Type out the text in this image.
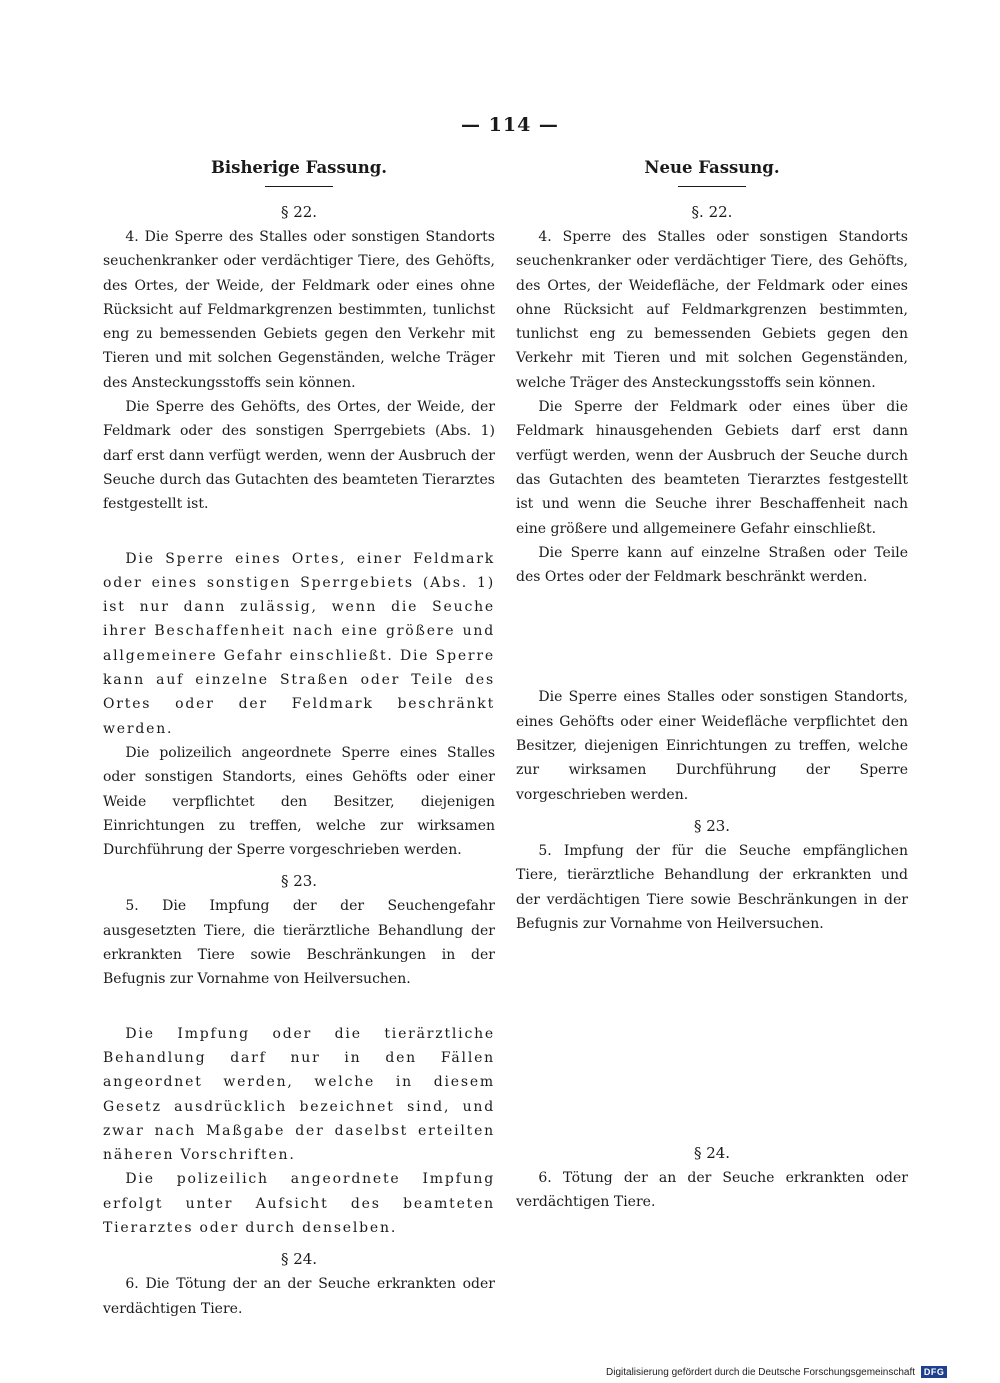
— 114 —
Bisherige Fassung.
§ 22.

4. Die Sperre des Stalles oder sonstigen Standorts seuchenkranker oder verdächtiger Tiere, des Gehöfts, des Ortes, der Weide, der Feldmark oder eines ohne Rücksicht auf Feldmarkgrenzen bestimmten, tunlichst eng zu bemessenden Gebiets gegen den Verkehr mit Tieren und mit solchen Gegenständen, welche Träger des Ansteckungsstoffs sein können.

Die Sperre des Gehöfts, des Ortes, der Weide, der Feldmark oder des sonstigen Sperrgebiets (Abs. 1) darf erst dann verfügt werden, wenn der Ausbruch der Seuche durch das Gutachten des beamteten Tierarztes festgestellt ist.

Die Sperre eines Ortes, einer Feldmark oder eines sonstigen Sperrgebiets (Abs. 1) ist nur dann zulässig, wenn die Seuche ihrer Beschaffenheit nach eine größere und allgemeinere Gefahr einschließt. Die Sperre kann auf einzelne Straßen oder Teile des Ortes oder der Feldmark beschränkt werden.

Die polizeilich angeordnete Sperre eines Stalles oder sonstigen Standorts, eines Gehöfts oder einer Weide verpflichtet den Besitzer, diejenigen Einrichtungen zu treffen, welche zur wirksamen Durchführung der Sperre vorgeschrieben werden.

§ 23.

5. Die Impfung der der Seuchengefahr ausgesetzten Tiere, die tierärztliche Behandlung der erkrankten Tiere sowie Beschränkungen in der Befugnis zur Vornahme von Heilversuchen.

Die Impfung oder die tierärztliche Behandlung darf nur in den Fällen angeordnet werden, welche in diesem Gesetz ausdrücklich bezeichnet sind, und zwar nach Maßgabe der daselbst erteilten näheren Vorschriften.

Die polizeilich angeordnete Impfung erfolgt unter Aufsicht des beamteten Tierarztes oder durch denselben.

§ 24.

6. Die Tötung der an der Seuche erkrankten oder verdächtigen Tiere.

Neue Fassung.
§. 22.

4. Sperre des Stalles oder sonstigen Standorts seuchenkranker oder verdächtiger Tiere, des Gehöfts, des Ortes, der Weidefläche, der Feldmark oder eines ohne Rücksicht auf Feldmarkgrenzen bestimmten, tunlichst eng zu bemessenden Gebiets gegen den Verkehr mit Tieren und mit solchen Gegenständen, welche Träger des Ansteckungsstoffs sein können.

Die Sperre der Feldmark oder eines über die Feldmark hinausgehenden Gebiets darf erst dann verfügt werden, wenn der Ausbruch der Seuche durch das Gutachten des beamteten Tierarztes festgestellt ist und wenn die Seuche ihrer Beschaffenheit nach eine größere und allgemeinere Gefahr einschließt.

Die Sperre kann auf einzelne Straßen oder Teile des Ortes oder der Feldmark beschränkt werden.

Die Sperre eines Stalles oder sonstigen Standorts, eines Gehöfts oder einer Weidefläche verpflichtet den Besitzer, diejenigen Einrichtungen zu treffen, welche zur wirksamen Durchführung der Sperre vorgeschrieben werden.

§ 23.

5. Impfung der für die Seuche empfänglichen Tiere, tierärztliche Behandlung der erkrankten und der verdächtigen Tiere sowie Beschränkungen in der Befugnis zur Vornahme von Heilversuchen.

§ 24.

6. Tötung der an der Seuche erkrankten oder verdächtigen Tiere.

Digitalisierung gefördert durch die Deutsche Forschungsgemeinschaft DFG
